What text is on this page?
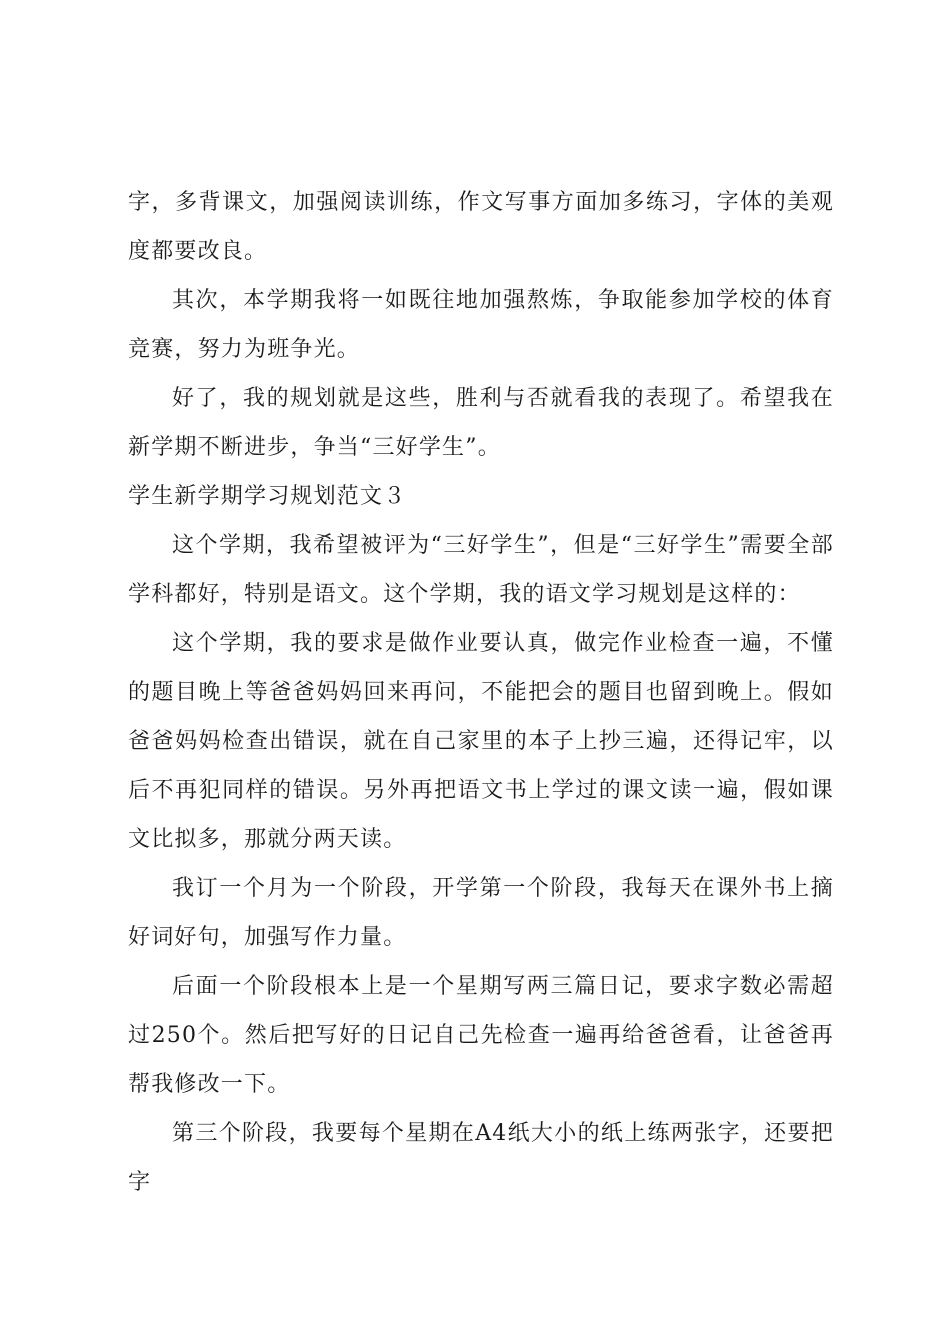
字，多背课文，加强阅读训练，作文写事方面加多练习，字体的美观度都要改良。

其次，本学期我将一如既往地加强熬炼，争取能参加学校的体育竞赛，努力为班争光。

好了，我的规划就是这些，胜利与否就看我的表现了。希望我在新学期不断进步，争当“三好学生”。

学生新学期学习规划范文３

这个学期，我希望被评为“三好学生”，但是“三好学生”需要全部学科都好，特别是语文。这个学期，我的语文学习规划是这样的：

这个学期，我的要求是做作业要认真，做完作业检查一遍，不懂的题目晚上等爸爸妈妈回来再问，不能把会的题目也留到晚上。假如爸爸妈妈检查出错误，就在自己家里的本子上抄三遍，还得记牢，以后不再犯同样的错误。另外再把语文书上学过的课文读一遍，假如课文比拟多，那就分两天读。

我订一个月为一个阶段，开学第一个阶段，我每天在课外书上摘好词好句，加强写作力量。

后面一个阶段根本上是一个星期写两三篇日记，要求字数必需超过250个。然后把写好的日记自己先检查一遍再给爸爸看，让爸爸再帮我修改一下。

第三个阶段，我要每个星期在A4纸大小的纸上练两张字，还要把字
